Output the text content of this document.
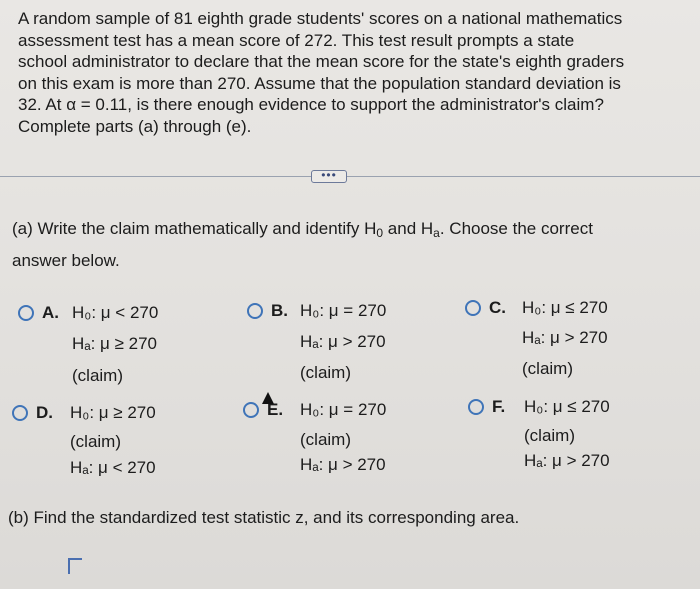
A random sample of 81 eighth grade students' scores on a national mathematics
assessment test has a mean score of 272. This test result prompts a state
school administrator to declare that the mean score for the state's eighth graders
on this exam is more than 270. Assume that the population standard deviation is
32. At α = 0.11, is there enough evidence to support the administrator's claim?
Complete parts (a) through (e).
•••
(a) Write the claim mathematically and identify $H_0$ and $H_a$. Choose the correct
answer below.
A. H₀: μ < 270
Hₐ: μ ≥ 270
(claim)
B. H₀: μ = 270
Hₐ: μ > 270
(claim)
C. H₀: μ ≤ 270
Hₐ: μ > 270
(claim)
D. H₀: μ ≥ 270
(claim)
Hₐ: μ < 270
E. H₀: μ = 270
(claim)
Hₐ: μ > 270
F. H₀: μ ≤ 270
(claim)
Hₐ: μ > 270
(b) Find the standardized test statistic z, and its corresponding area.
